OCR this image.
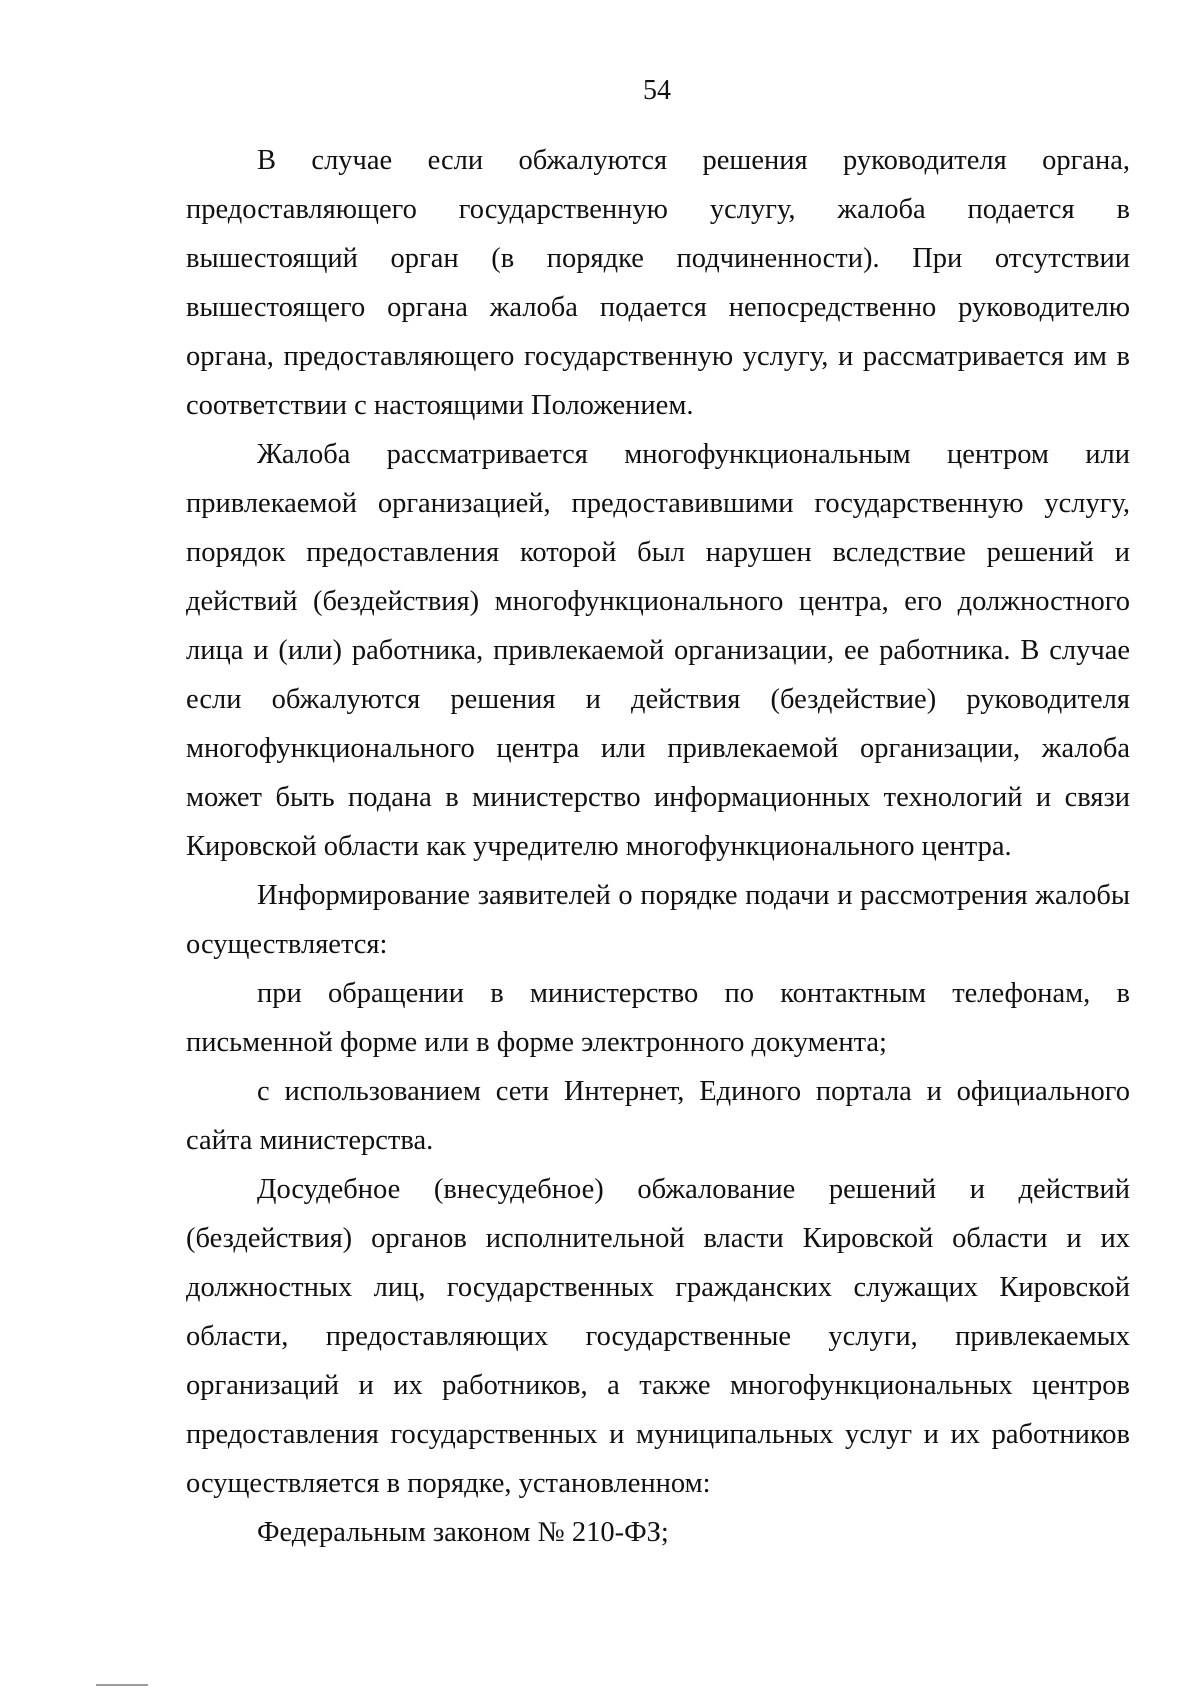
54

В случае если обжалуются решения руководителя органа, предоставляющего государственную услугу, жалоба подается в вышестоящий орган (в порядке подчиненности). При отсутствии вышестоящего органа жалоба подается непосредственно руководителю органа, предоставляющего государственную услугу, и рассматривается им в соответствии с настоящими Положением.

Жалоба рассматривается многофункциональным центром или привлекаемой организацией, предоставившими государственную услугу, порядок предоставления которой был нарушен вследствие решений и действий (бездействия) многофункционального центра, его должностного лица и (или) работника, привлекаемой организации, ее работника. В случае если обжалуются решения и действия (бездействие) руководителя многофункционального центра или привлекаемой организации, жалоба может быть подана в министерство информационных технологий и связи Кировской области как учредителю многофункционального центра.

Информирование заявителей о порядке подачи и рассмотрения жалобы осуществляется:

при обращении в министерство по контактным телефонам, в письменной форме или в форме электронного документа;

с использованием сети Интернет, Единого портала и официального сайта министерства.

Досудебное (внесудебное) обжалование решений и действий (бездействия) органов исполнительной власти Кировской области и их должностных лиц, государственных гражданских служащих Кировской области, предоставляющих государственные услуги, привлекаемых организаций и их работников, а также многофункциональных центров предоставления государственных и муниципальных услуг и их работников осуществляется в порядке, установленном:

Федеральным законом № 210-ФЗ;
